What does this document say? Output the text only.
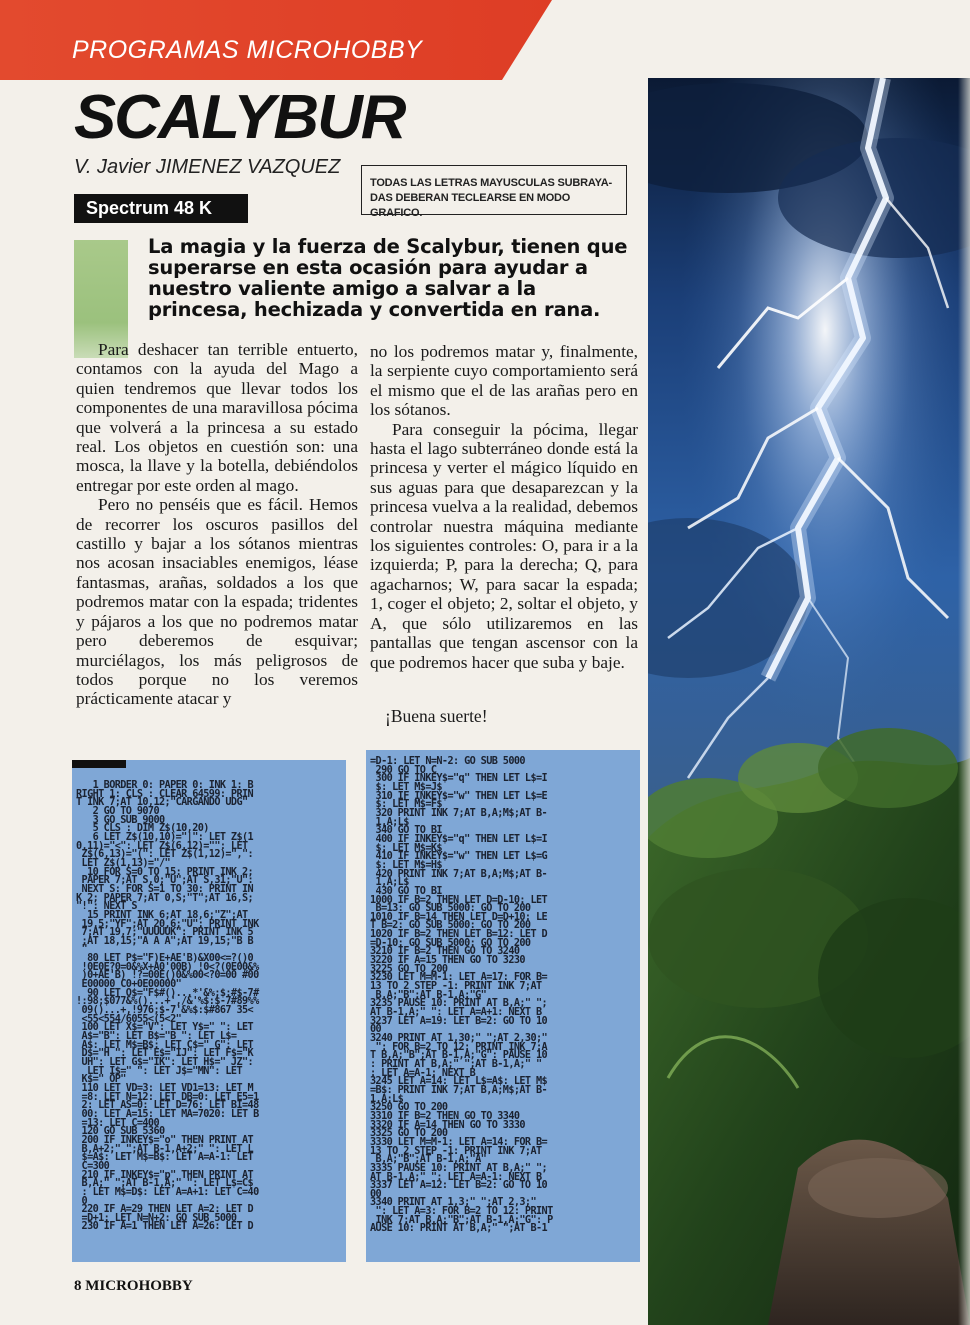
PROGRAMAS MICROHOBBY
SCALYBUR
V. Javier JIMENEZ VAZQUEZ
Spectrum 48 K
TODAS LAS LETRAS MAYUSCULAS SUBRAYA-DAS DEBERAN TECLEARSE EN MODO GRAFICO.
La magia y la fuerza de Scalybur, tienen que superarse en esta ocasión para ayudar a nuestro valiente amigo a salvar a la princesa, hechizada y convertida en rana.

Para deshacer tan terrible entuerto, contamos con la ayuda del Mago a quien tendremos que llevar todos los componentes de una maravillosa pócima que volverá a la princesa a su estado real. Los objetos en cuestión son: una mosca, la llave y la botella, debiéndolos entregar por este orden al mago.

Pero no penséis que es fácil. Hemos de recorrer los oscuros pasillos del castillo y bajar a los sótanos mientras nos acosan insaciables enemigos, léase fantasmas, arañas, soldados a los que podremos matar con la espada; tridentes y pájaros a los que no podremos matar pero deberemos de esquivar; murciélagos, los más peligrosos de todos porque no los veremos prácticamente atacar y

no los podremos matar y, finalmente, la serpiente cuyo comportamiento será el mismo que el de las arañas pero en los sótanos.

Para conseguir la pócima, llegar hasta el lago subterráneo donde está la princesa y verter el mágico líquido en sus aguas para que desaparezcan y la princesa vuelva a la realidad, debemos controlar nuestra máquina mediante los siguientes controles: O, para ir a la izquierda; P, para la derecha; Q, para agacharnos; W, para sacar la espada; 1, coger el objeto; 2, soltar el objeto, y A, que sólo utilizaremos en las pantallas que tengan ascensor con la que podremos hacer que suba y baje.

¡Buena suerte!
1 BORDER 0: PAPER 0: INK 1: B
RIGHT 1: CLS : CLEAR 64599: PRIN
T INK 7;AT 10,12;"CARGANDO UDG"
2 GO TO 9070
3 GO SUB 9000
5 CLS : DIM Z$(10,20)
6 LET Z$(10,10)="|": LET Z$(1
0,11)="<": LET Z$(6,12)="": LET
Z$(6,13)="(": LET Z$(1,12)=",":
LET Z$(1,13)="/"
10 FOR S=0 TO 15: PRINT INK 2;
PAPER 7;AT S,0;"U";AT S,31;"U":
NEXT S: FOR S=1 TO 30: PRINT IN
K 2; PAPER 7;AT 0,S;"T";AT 16,S;
"!": NEXT S
15 PRINT INK 6;AT 18,6;"Z";AT
19,5;"YF";AT 20,6;"U": PRINT INK
7;AT 19,7;"UUUUUK": PRINT INK 5
;AT 18,15;"A A A";AT 19,15;"B B
"
80 LET P$="F)E+AE'B)&X00<=?()0
!0E0E?0=0&%X+A0'00B) !0<?(0E00&%
)0+AE'B) !?=00E()0&%00<?0=00 #00
E00000 C0+0E00000"
90 LET O$="F$#()...*'&%;$:#$-7#
!:98;$077&%()...+',/&'%$:$-7#89%%
09()...+,!976;$-7'&%$:$#867 35<
<55<554/6055<(5<2"
100 LET X$="V": LET Y$=" ": LET
A$="B": LET B$="B ": LET L$=
A$: LET M$=B$: LET C$=" G": LET
D$="H ": LET E$="IJ": LET F$="K
UH": LET G$="IK": LET H$=" JZ":
LET I$=" ": LET J$="MN": LET
K$=" OP"
110 LET VD=3: LET VD1=13: LET M
=8: LET N=12: LET DB=0: LET E5=1
2: LET AS=0: LET D=76: LET BI=48
00: LET A=15: LET MA=7020: LET B
=13: LET C=400
120 GO SUB 5360
200 IF INKEY$="o" THEN PRINT AT
B,A+2;" ";AT B-1,A+2;" ": LET L
$=A$: LET M$=B$: LET A=A-1: LET
C=300
210 IF INKEY$="p" THEN PRINT AT
B,A;" ";AT B-1,A;" ": LET L$=C$
: LET M$=D$: LET A=A+1: LET C=40
0
220 IF A=29 THEN LET A=2: LET D
=D+1: LET N=N+2: GO SUB 5000
230 IF A=1 THEN LET A=26: LET D
=D-1: LET N=N-2: GO SUB 5000
290 GO TO C
300 IF INKEY$="q" THEN LET L$=I
$: LET M$=J$
310 IF INKEY$="w" THEN LET L$=E
$: LET M$=F$
320 PRINT INK 7;AT B,A;M$;AT B-
1,A;L$
340 GO TO BI
400 IF INKEY$="q" THEN LET L$=I
$: LET M$=K$
410 IF INKEY$="w" THEN LET L$=G
$: LET M$=H$
420 PRINT INK 7;AT B,A;M$;AT B-
1,A;L$
430 GO TO BI
1000 IF B=2 THEN LET D=D-10: LET
B=13: GO SUB 5000: GO TO 200
1010 IF B=14 THEN LET D=D+10: LE
T B=2: GO SUB 5000: GO TO 200
1020 IF B=2 THEN LET B=12: LET D
=D-10: GO SUB 5000: GO TO 200
3210 IF B=2 THEN GO TO 3240
3220 IF A=15 THEN GO TO 3230
3225 GO TO 200
3230 LET M=M-1: LET A=17: FOR B=
13 TO 2 STEP -1: PRINT INK 7;AT
B,A;"B";AT B-1,A;"G"
3235 PAUSE 10: PRINT AT B,A;" ";
AT B-1,A;" ": LET A=A+1: NEXT B
3237 LET A=19: LET B=2: GO TO 10
00
3240 PRINT AT 1,30;" ";AT 2,30;"
": FOR B=2 TO 12: PRINT INK 7;A
T B,A;"B";AT B-1,A;"G": PAUSE 10
: PRINT AT B,A;" ";AT B-1,A;" "
: LET A=A-1: NEXT B
3245 LET A=14: LET L$=A$: LET M$
=B$: PRINT INK 7;AT B,A;M$;AT B-
1,A;L$
3250 GO TO 200
3310 IF B=2 THEN GO TO 3340
3320 IF A=14 THEN GO TO 3330
3325 GO TO 200
3330 LET M=M-1: LET A=14: FOR B=
13 TO 2 STEP -1: PRINT INK 7;AT
B,A;"B";AT B-1,A;"A"
3335 PAUSE 10: PRINT AT B,A;" ";
AT B-1,A;" ": LET A=A-1: NEXT B
3337 LET A=12: LET B=2: GO TO 10
00
3340 PRINT AT 1,3;" ";AT 2,3;"
": LET A=3: FOR B=2 TO 12: PRINT
INK 7;AT B,A;"B";AT B-1,A;"G": P
AUSE 10: PRINT AT B,A;" ";AT B-1
8 MICROHOBBY
